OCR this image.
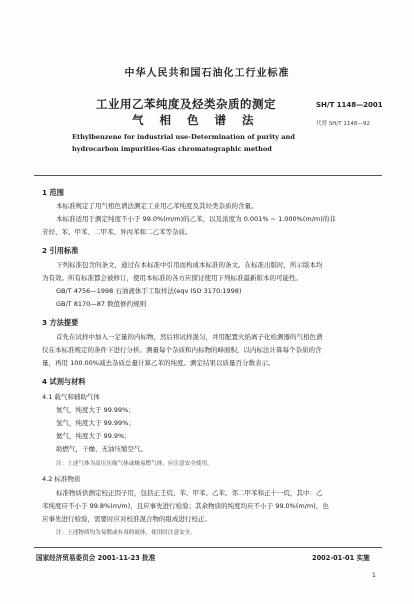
中华人民共和国石油化工行业标准
工业用乙苯纯度及烃类杂质的测定
气 相 色 谱 法
SH/T 1148—2001
代替 SH/T 1148—92
Ethylbenzene for industrial use-Determination of purity and
hydrocarbon impurities-Gas chromatographic method
1 范围
本标准规定了用气相色谱法测定工业用乙苯纯度及其烃类杂质的含量。
本标准适用于测定纯度不小于 99.0%(m/m)的乙苯，以及浓度为 0.001% ~ 1.000%(m/m)的非
芳烃、苯、甲苯、二甲苯、异丙苯和二乙苯等杂质。
2 引用标准
下列标准包含的条文，通过在本标准中引用而构成本标准的条文。在标准出版时，所示版本均
为有效。所有标准都会被修订，使用本标准的各方应探讨使用下列标准最新版本的可能性。
GB/T 4756—1998 石油液体手工取样法(eqv ISO 3170:1998)
GB/T 8170—87 数值修约规则
3 方法提要
首先在试样中加入一定量的内标物，然后将试样混匀，并用配置火焰离子化检测器的气相色谱
仪在本标准规定的条件下进行分析。测量每个杂质和内标物的峰面积，以内标法计算每个杂质的含
量，再用 100.00%减去杂质总量计算乙苯的纯度。测定结果以质量百分数表示。
4 试剂与材料
4.1 载气和辅助气体
氮气，纯度大于 99.99%；
氢气，纯度大于 99.99%；
氦气，纯度大于 99.9%；
助燃气，干燥、无油压缩空气。
注：上述气体为高压压缩气体或极易燃气体，应注意安全使用。
4.2 标准物质
标准物质供测定校正因子用，包括正壬烷、苯、甲苯、乙苯、邻二甲苯和正十一烷，其中：乙
苯纯度应不小于 99.8%(m/m)，且应事先进行检验；其余物质的纯度均应不小于 99.0%(m/m)，也
应事先进行检验，需要时应对校准混合物的组成进行校正。
注：上述物质均为易燃或有毒的液体，使用时注意安全。
国家经济贸易委员会 2001-11-23 批准	2002-01-01 实施
1
